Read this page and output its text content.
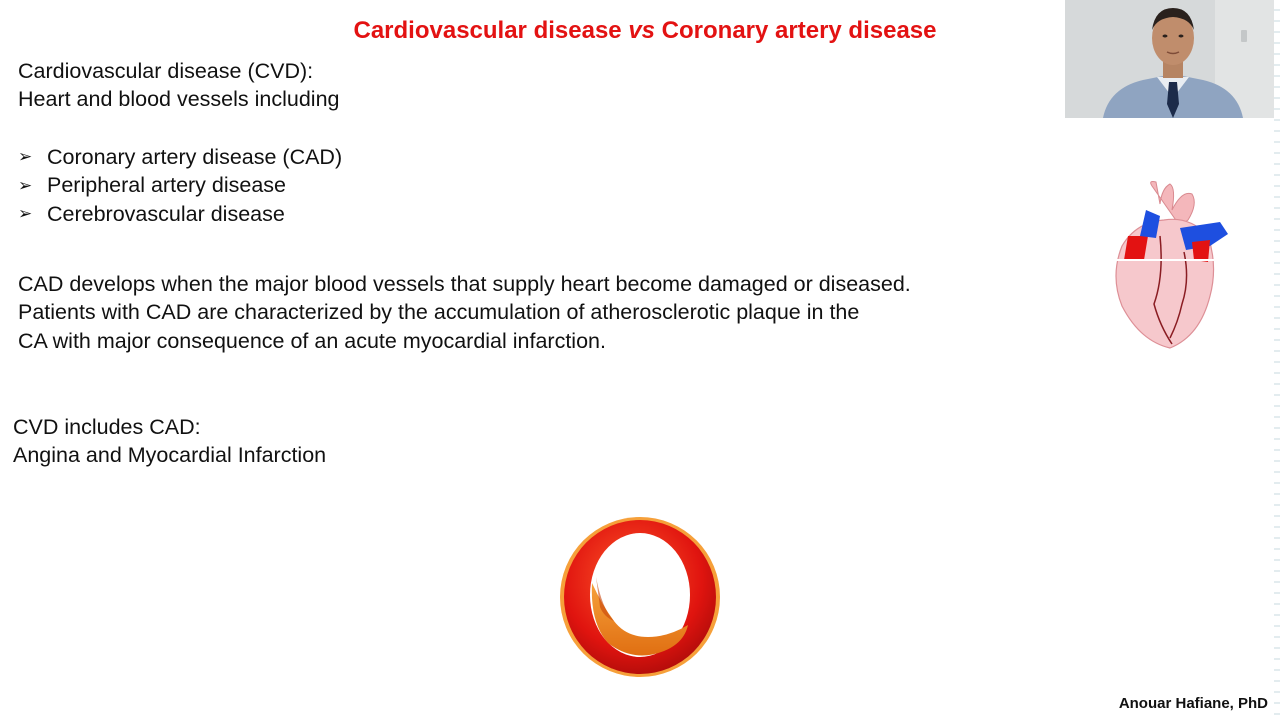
Cardiovascular disease vs Coronary artery disease
Cardiovascular disease (CVD):
Heart and blood vessels including
➢ Coronary artery disease (CAD)
➢ Peripheral artery disease
➢ Cerebrovascular disease
CAD develops when the major blood vessels that supply heart become damaged or diseased.
Patients with CAD are characterized by the accumulation of atherosclerotic plaque in the
CA with major consequence of an acute myocardial infarction.
CVD includes CAD:
Angina and Myocardial Infarction
Anouar Hafiane, PhD
